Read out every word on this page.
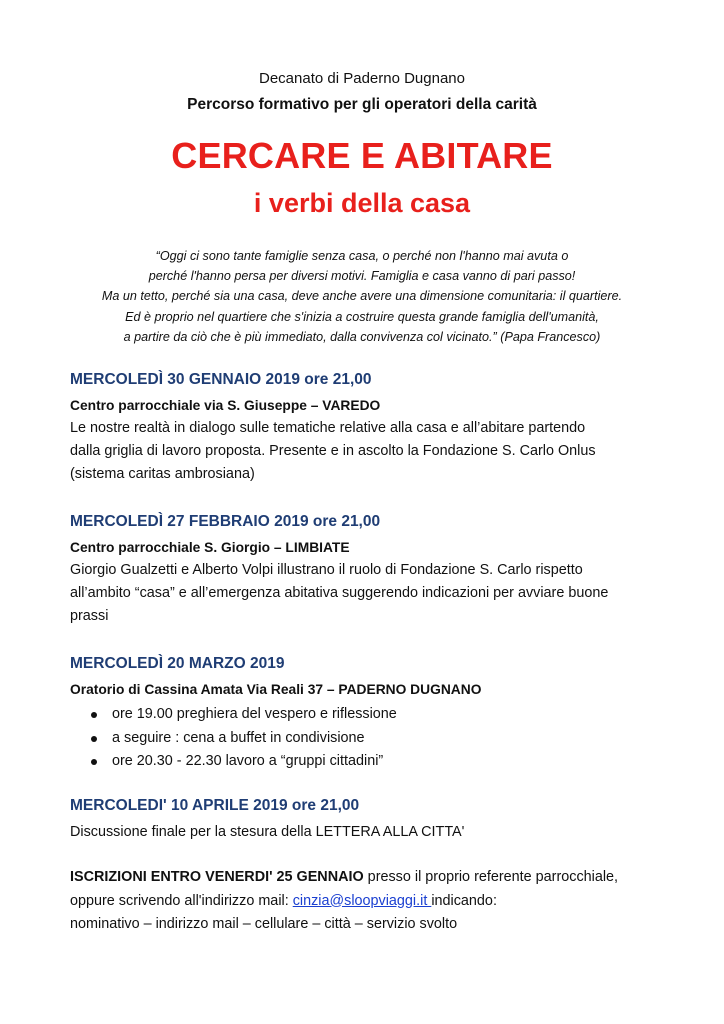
Decanato di Paderno Dugnano
Percorso formativo per gli operatori della carità
CERCARE E ABITARE
i verbi della casa
“Oggi ci sono tante famiglie senza casa, o perché non l'hanno mai avuta o
perché l'hanno persa per diversi motivi. Famiglia e casa vanno di pari passo!
Ma un tetto, perché sia una casa, deve anche avere una dimensione comunitaria: il quartiere.
Ed è proprio nel quartiere che s'inizia a costruire questa grande famiglia dell'umanità,
a partire da ciò che è più immediato, dalla convivenza col vicinato.” (Papa Francesco)
MERCOLEDÌ 30 GENNAIO 2019 ore 21,00
Centro parrocchiale via S. Giuseppe – VAREDO
Le nostre realtà in dialogo sulle tematiche relative alla casa e all’abitare partendo
dalla griglia di lavoro proposta. Presente e in ascolto la Fondazione S. Carlo Onlus
(sistema caritas ambrosiana)
MERCOLEDÌ 27 FEBBRAIO 2019 ore 21,00
Centro parrocchiale S. Giorgio – LIMBIATE
Giorgio Gualzetti e Alberto Volpi illustrano il ruolo di Fondazione S. Carlo rispetto
all’ambito “casa” e all’emergenza abitativa suggerendo indicazioni per avviare buone
prassi
MERCOLEDÌ 20 MARZO 2019
Oratorio di Cassina Amata Via Reali 37 – PADERNO DUGNANO
ore 19.00 preghiera del vespero e riflessione
a seguire : cena a buffet in condivisione
ore 20.30 - 22.30 lavoro a “gruppi cittadini”
MERCOLEDI' 10 APRILE 2019 ore 21,00
Discussione finale per la stesura della LETTERA ALLA CITTA'
ISCRIZIONI ENTRO VENERDI' 25 GENNAIO presso il proprio referente parrocchiale,
oppure scrivendo all'indirizzo mail: cinzia@sloopviaggi.it indicando:
nominativo – indirizzo mail – cellulare – città – servizio svolto
